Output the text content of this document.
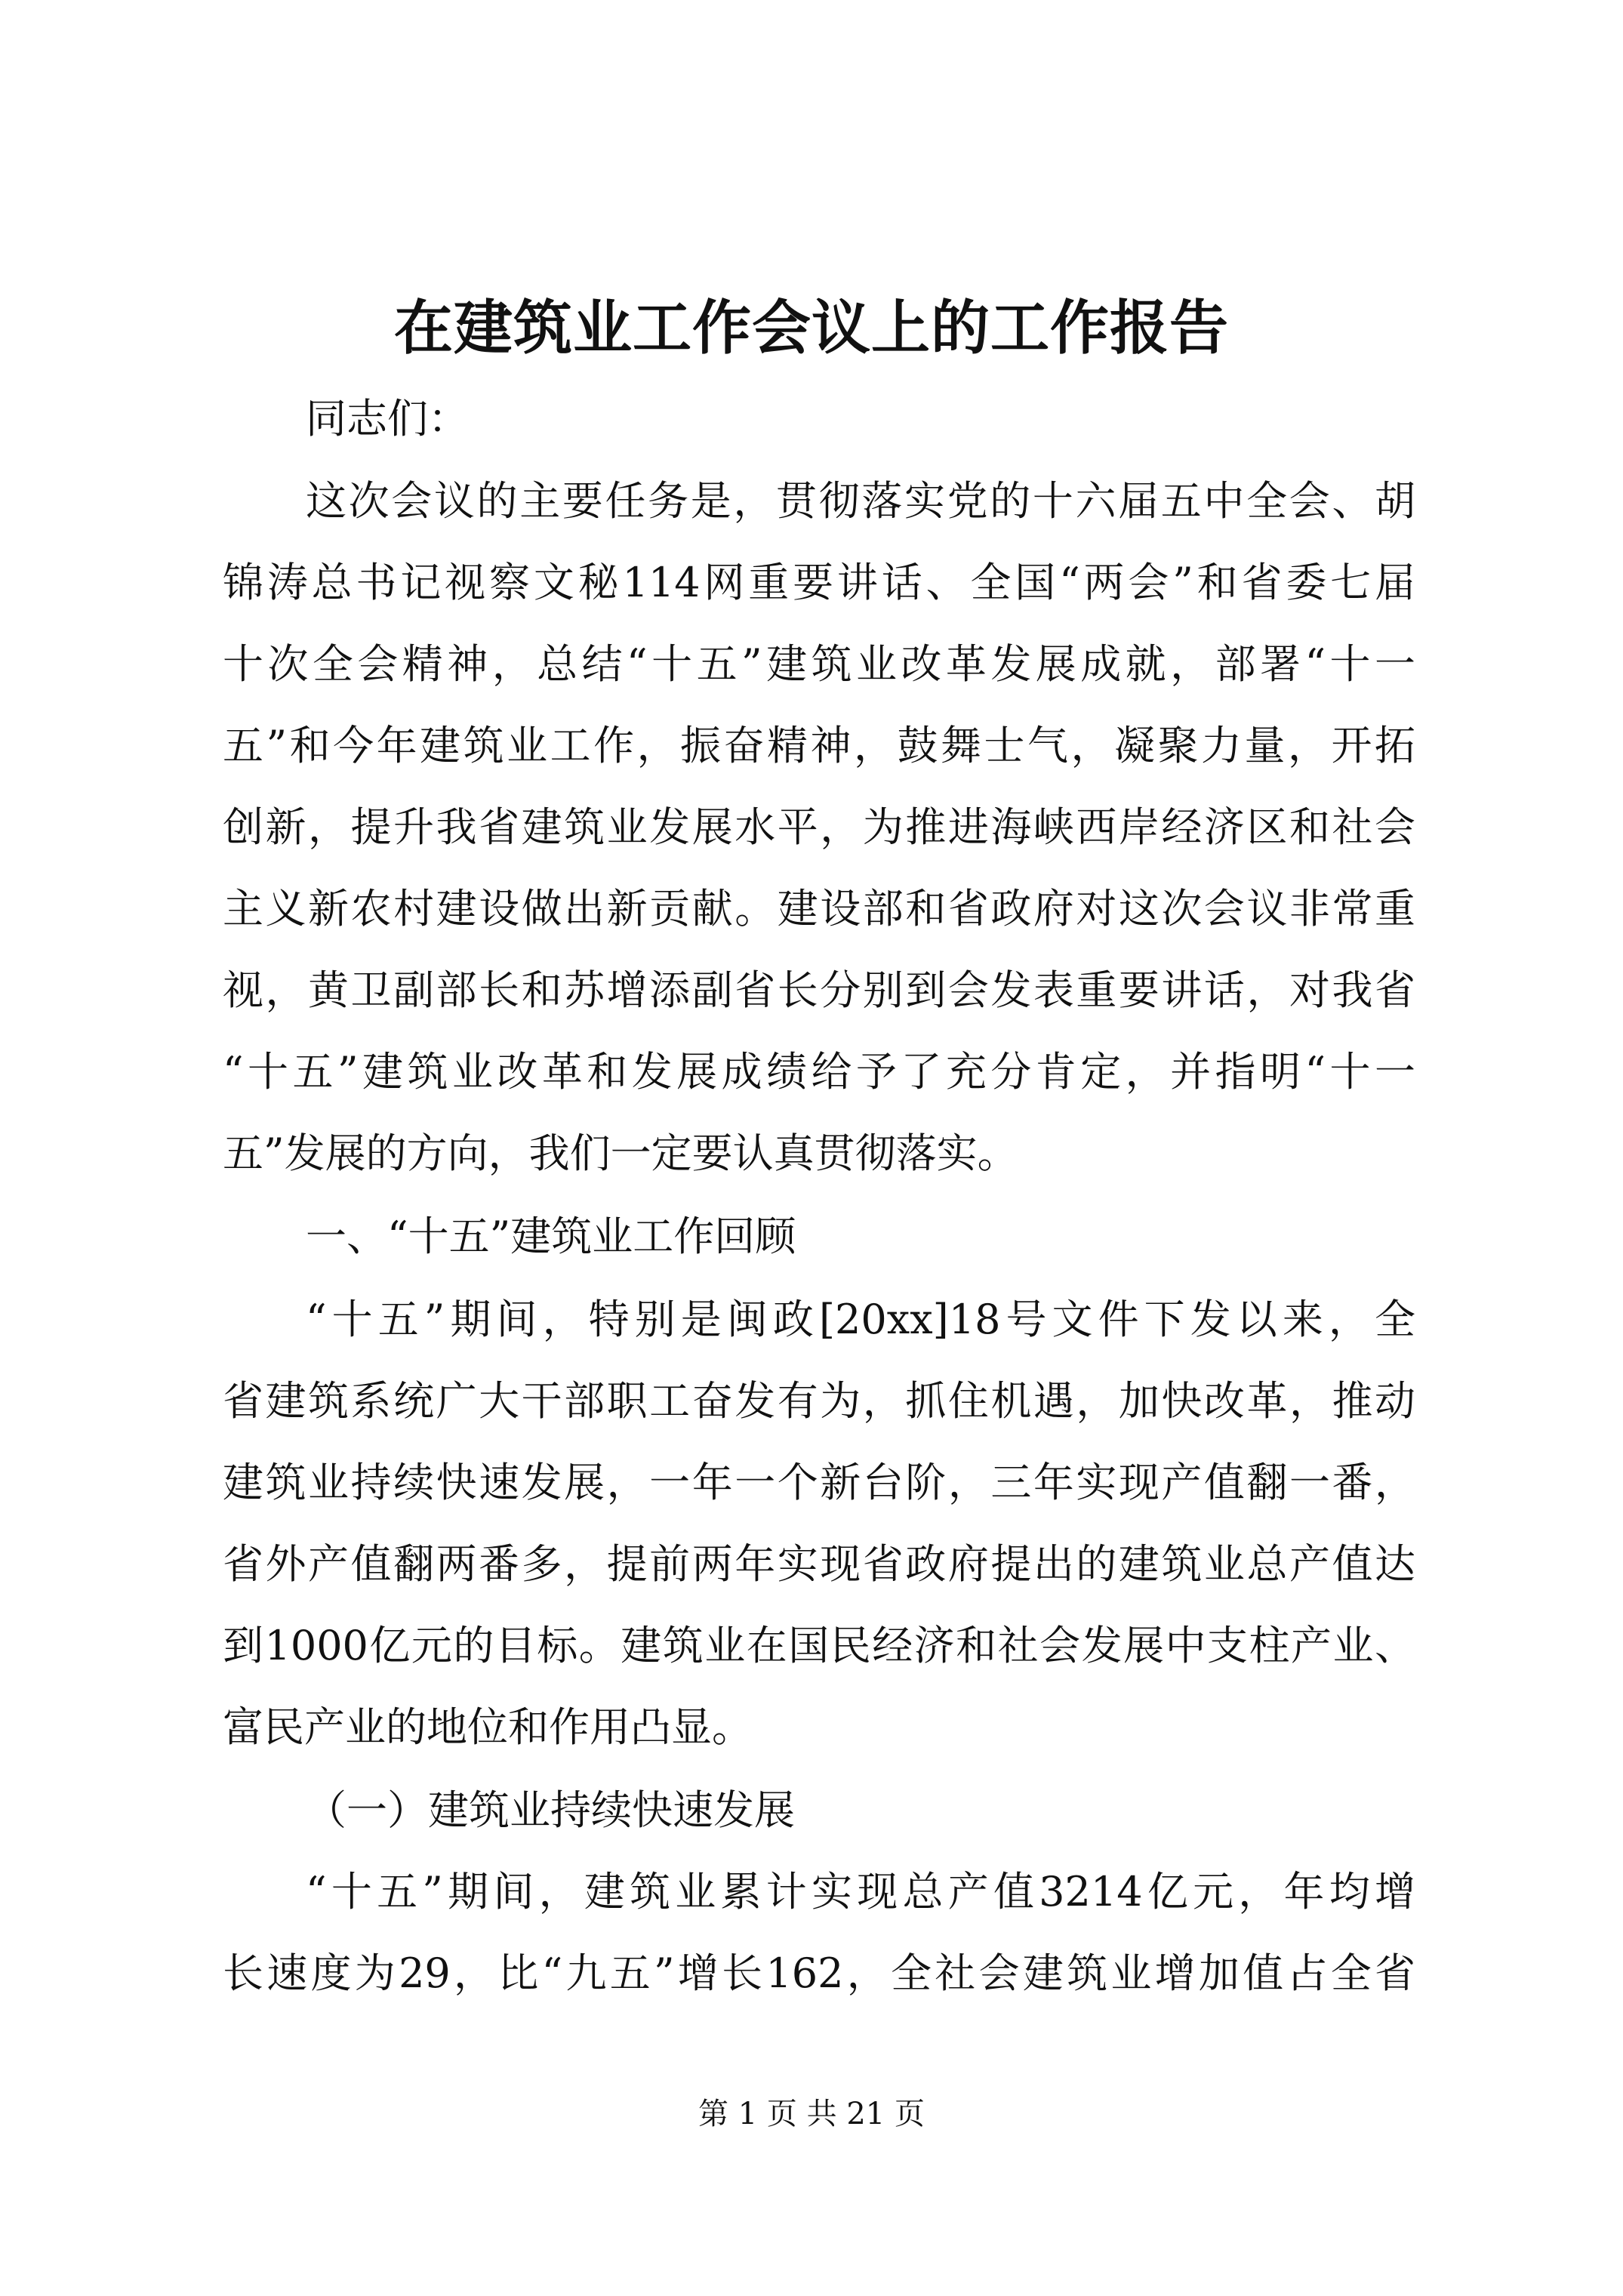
在建筑业工作会议上的工作报告
同志们：
这次会议的主要任务是，贯彻落实党的十六届五中全会、胡
锦涛总书记视察文秘114网重要讲话、全国“两会”和省委七届
十次全会精神，总结“十五”建筑业改革发展成就，部署“十一
五”和今年建筑业工作，振奋精神，鼓舞士气，凝聚力量，开拓
创新，提升我省建筑业发展水平，为推进海峡西岸经济区和社会
主义新农村建设做出新贡献。建设部和省政府对这次会议非常重
视，黄卫副部长和苏增添副省长分别到会发表重要讲话，对我省
“十五”建筑业改革和发展成绩给予了充分肯定，并指明“十一
五”发展的方向，我们一定要认真贯彻落实。
一、“十五”建筑业工作回顾
“十五”期间，特别是闽政[20xx]18号文件下发以来，全
省建筑系统广大干部职工奋发有为，抓住机遇，加快改革，推动
建筑业持续快速发展，一年一个新台阶，三年实现产值翻一番，
省外产值翻两番多，提前两年实现省政府提出的建筑业总产值达
到1000亿元的目标。建筑业在国民经济和社会发展中支柱产业、
富民产业的地位和作用凸显。
（一）建筑业持续快速发展
“十五”期间，建筑业累计实现总产值3214亿元，年均增
长速度为29，比“九五”增长162，全社会建筑业增加值占全省
第 1 页 共 21 页
